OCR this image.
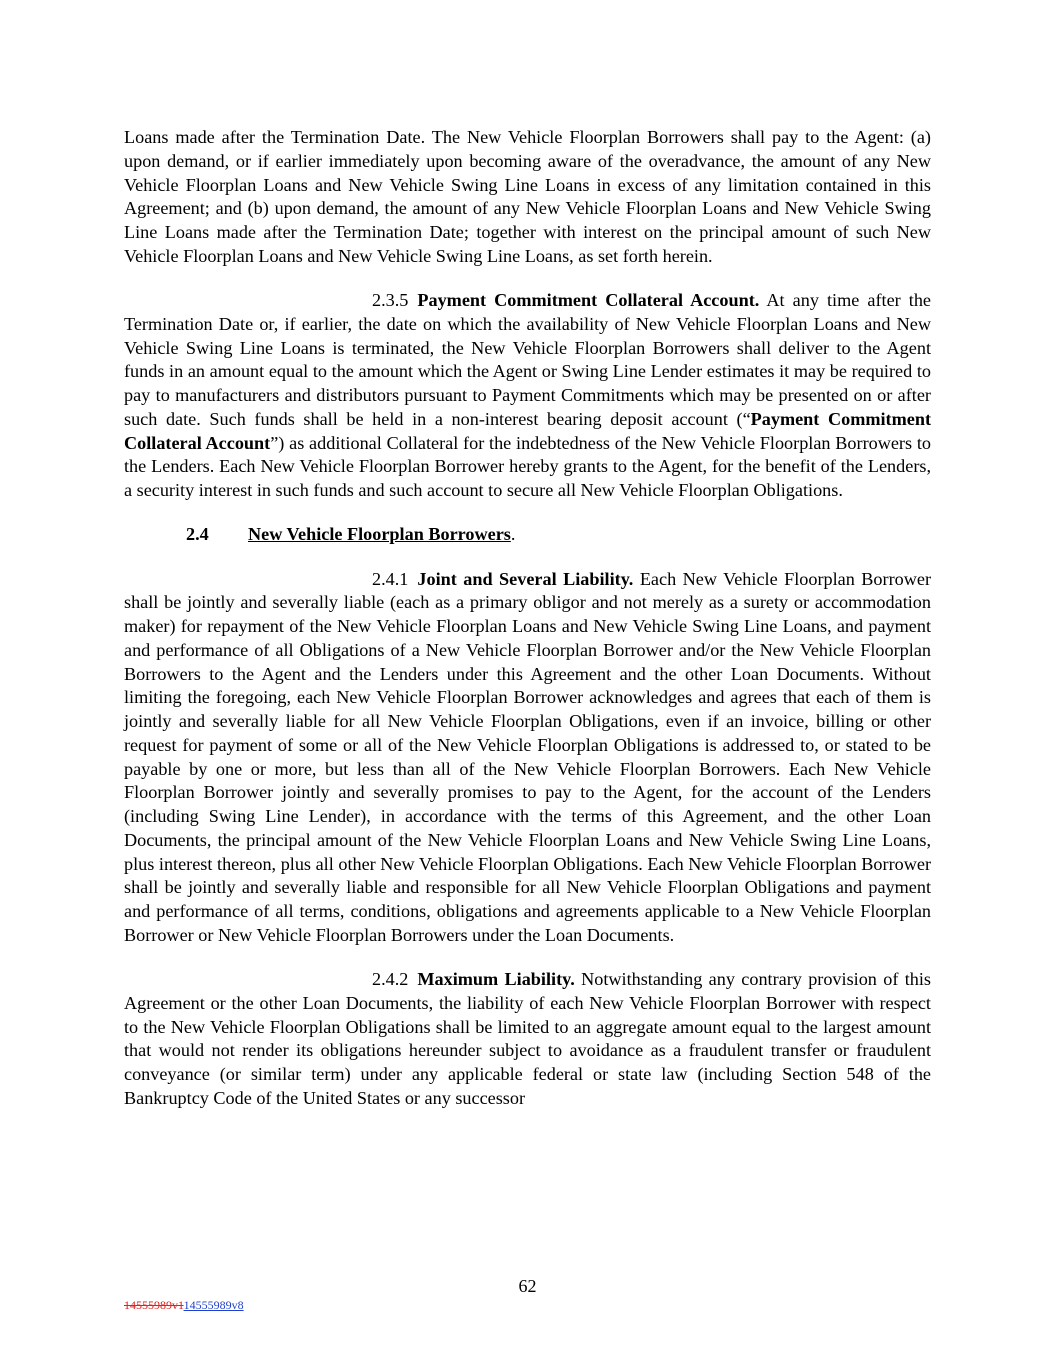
Loans made after the Termination Date. The New Vehicle Floorplan Borrowers shall pay to the Agent: (a) upon demand, or if earlier immediately upon becoming aware of the overadvance, the amount of any New Vehicle Floorplan Loans and New Vehicle Swing Line Loans in excess of any limitation contained in this Agreement; and (b) upon demand, the amount of any New Vehicle Floorplan Loans and New Vehicle Swing Line Loans made after the Termination Date; together with interest on the principal amount of such New Vehicle Floorplan Loans and New Vehicle Swing Line Loans, as set forth herein.

2.3.5 Payment Commitment Collateral Account. At any time after the Termination Date or, if earlier, the date on which the availability of New Vehicle Floorplan Loans and New Vehicle Swing Line Loans is terminated, the New Vehicle Floorplan Borrowers shall deliver to the Agent funds in an amount equal to the amount which the Agent or Swing Line Lender estimates it may be required to pay to manufacturers and distributors pursuant to Payment Commitments which may be presented on or after such date. Such funds shall be held in a non-interest bearing deposit account (“Payment Commitment Collateral Account”) as additional Collateral for the indebtedness of the New Vehicle Floorplan Borrowers to the Lenders. Each New Vehicle Floorplan Borrower hereby grants to the Agent, for the benefit of the Lenders, a security interest in such funds and such account to secure all New Vehicle Floorplan Obligations.

2.4 New Vehicle Floorplan Borrowers.

2.4.1 Joint and Several Liability. Each New Vehicle Floorplan Borrower shall be jointly and severally liable (each as a primary obligor and not merely as a surety or accommodation maker) for repayment of the New Vehicle Floorplan Loans and New Vehicle Swing Line Loans, and payment and performance of all Obligations of a New Vehicle Floorplan Borrower and/or the New Vehicle Floorplan Borrowers to the Agent and the Lenders under this Agreement and the other Loan Documents. Without limiting the foregoing, each New Vehicle Floorplan Borrower acknowledges and agrees that each of them is jointly and severally liable for all New Vehicle Floorplan Obligations, even if an invoice, billing or other request for payment of some or all of the New Vehicle Floorplan Obligations is addressed to, or stated to be payable by one or more, but less than all of the New Vehicle Floorplan Borrowers. Each New Vehicle Floorplan Borrower jointly and severally promises to pay to the Agent, for the account of the Lenders (including Swing Line Lender), in accordance with the terms of this Agreement, and the other Loan Documents, the principal amount of the New Vehicle Floorplan Loans and New Vehicle Swing Line Loans, plus interest thereon, plus all other New Vehicle Floorplan Obligations. Each New Vehicle Floorplan Borrower shall be jointly and severally liable and responsible for all New Vehicle Floorplan Obligations and payment and performance of all terms, conditions, obligations and agreements applicable to a New Vehicle Floorplan Borrower or New Vehicle Floorplan Borrowers under the Loan Documents.

2.4.2 Maximum Liability. Notwithstanding any contrary provision of this Agreement or the other Loan Documents, the liability of each New Vehicle Floorplan Borrower with respect to the New Vehicle Floorplan Obligations shall be limited to an aggregate amount equal to the largest amount that would not render its obligations hereunder subject to avoidance as a fraudulent transfer or fraudulent conveyance (or similar term) under any applicable federal or state law (including Section 548 of the Bankruptcy Code of the United States or any successor

62
14555989v114555989v8
